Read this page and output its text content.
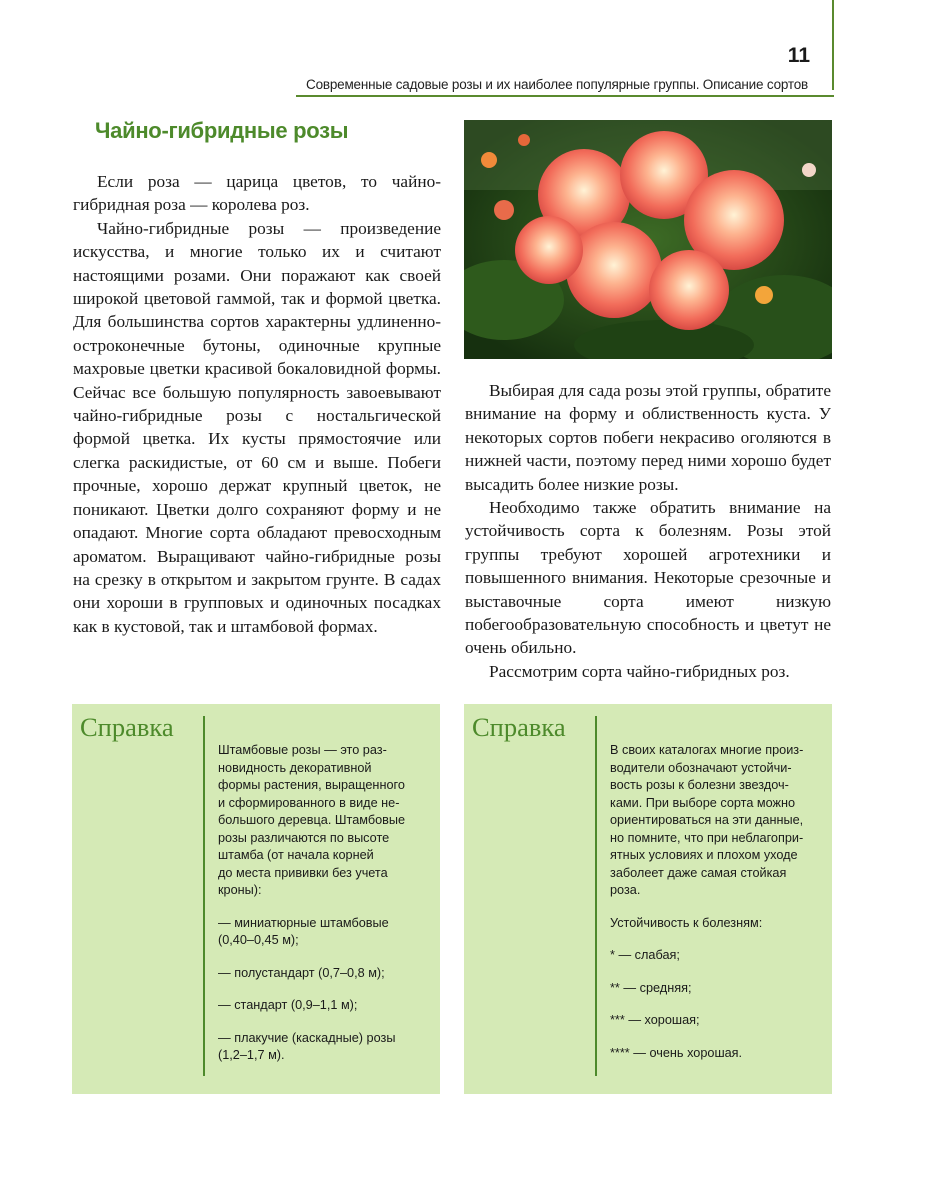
11
Современные садовые розы и их наиболее популярные группы. Описание сортов
Чайно-гибридные розы

Если роза — царица цветов, то чайно-гибридная роза — королева роз.

Чайно-гибридные розы — произведение искусства, и многие только их и считают настоящими розами. Они поражают как своей широкой цветовой гаммой, так и формой цветка. Для большинства сортов характерны удлиненно-остроконечные бутоны, одиночные крупные махровые цветки красивой бокаловидной формы. Сейчас все большую популярность завоевывают чайно-гибридные розы с ностальгической формой цветка. Их кусты прямостоячие или слегка раскидистые, от 60 см и выше. Побеги прочные, хорошо держат крупный цветок, не поникают. Цветки долго сохраняют форму и не опадают. Многие сорта обладают превосходным ароматом. Выращивают чайно-гибридные розы на срезку в открытом и закрытом грунте. В садах они хороши в групповых и одиночных посадках как в кустовой, так и штамбовой формах.

Выбирая для сада розы этой группы, обратите внимание на форму и облиственность куста. У некоторых сортов побеги некрасиво оголяются в нижней части, поэтому перед ними хорошо будет высадить более низкие розы.

Необходимо также обратить внимание на устойчивость сорта к болезням. Розы этой группы требуют хорошей агротехники и повышенного внимания. Некоторые срезочные и выставочные сорта имеют низкую побегообразовательную способность и цветут не очень обильно.

Рассмотрим сорта чайно-гибридных роз.

Справка

Штамбовые розы — это раз-
новидность декоративной
формы растения, выращенного
и сформированного в виде не-
большого деревца. Штамбовые
розы различаются по высоте
штамба (от начала корней
до места прививки без учета
кроны):

— миниатюрные штамбовые
(0,40–0,45 м);

— полустандарт (0,7–0,8 м);

— стандарт (0,9–1,1 м);

— плакучие (каскадные) розы
(1,2–1,7 м).

Справка

В своих каталогах многие произ-
водители обозначают устойчи-
вость розы к болезни звездоч-
ками. При выборе сорта можно
ориентироваться на эти данные,
но помните, что при неблагопри-
ятных условиях и плохом уходе
заболеет даже самая стойкая
роза.

Устойчивость к болезням:

* — слабая;

** — средняя;

*** — хорошая;

**** — очень хорошая.
